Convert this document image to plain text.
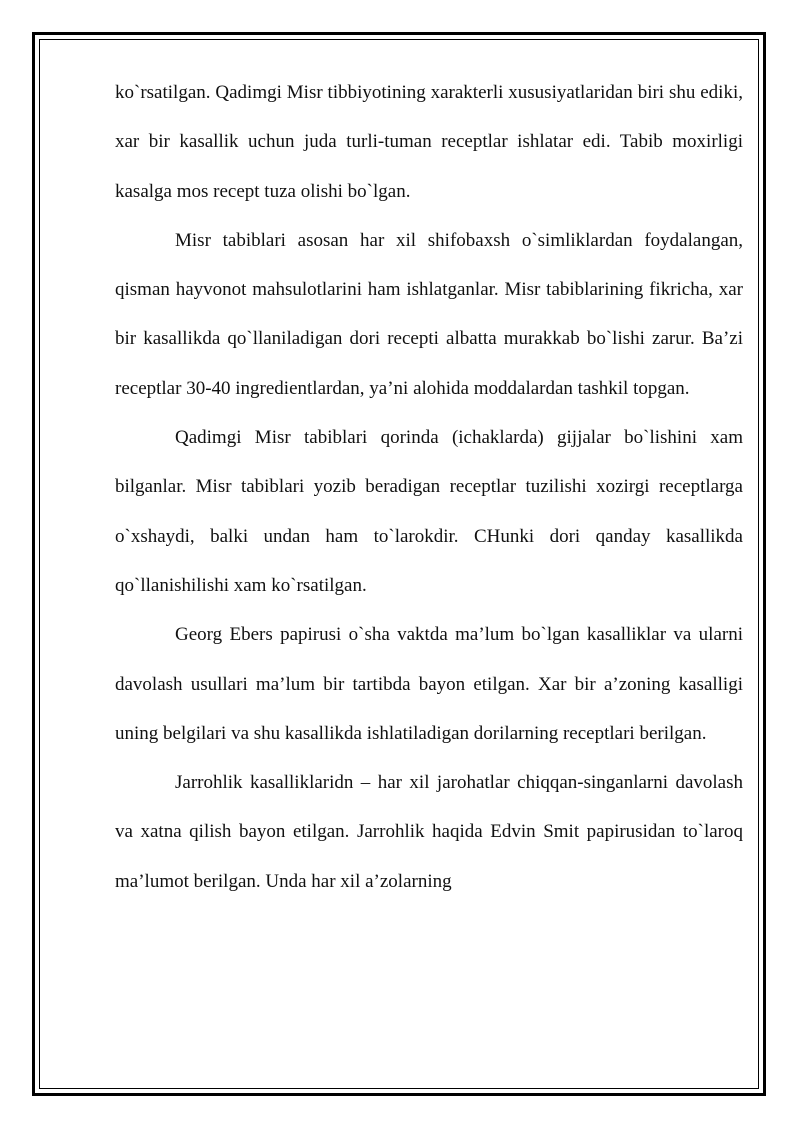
ko`rsatilgan. Qadimgi Misr tibbiyotining xarakterli xususiyatlaridan biri shu ediki, xar bir kasallik uchun juda turli-tuman receptlar ishlatar edi. Tabib moxirligi kasalga mos recept tuza olishi bo`lgan.

Misr tabiblari asosan har xil shifobaxsh o`simliklardan foydalangan, qisman hayvonot mahsulotlarini ham ishlatganlar. Misr tabiblarining fikricha, xar bir kasallikda qo`llaniladigan dori recepti albatta murakkab bo`lishi zarur. Ba’zi receptlar 30-40 ingredientlardan, ya’ni alohida moddalardan tashkil topgan.

Qadimgi Misr tabiblari qorinda (ichaklarda) gijjalar bo`lishini xam bilganlar. Misr tabiblari yozib beradigan receptlar tuzilishi xozirgi receptlarga o`xshaydi, balki undan ham to`larokdir. CHunki dori qanday kasallikda qo`llanishilishi xam ko`rsatilgan.

Georg Ebers papirusi o`sha vaktda ma’lum bo`lgan kasalliklar va ularni davolash usullari ma’lum bir tartibda bayon etilgan. Xar bir a’zoning kasalligi uning belgilari va shu kasallikda ishlatiladigan dorilarning receptlari berilgan.

Jarrohlik kasalliklaridn – har xil jarohatlar chiqqan-singanlarni davolash va xatna qilish bayon etilgan. Jarrohlik haqida Edvin Smit papirusidan to`laroq ma’lumot berilgan. Unda har xil a’zolarning
